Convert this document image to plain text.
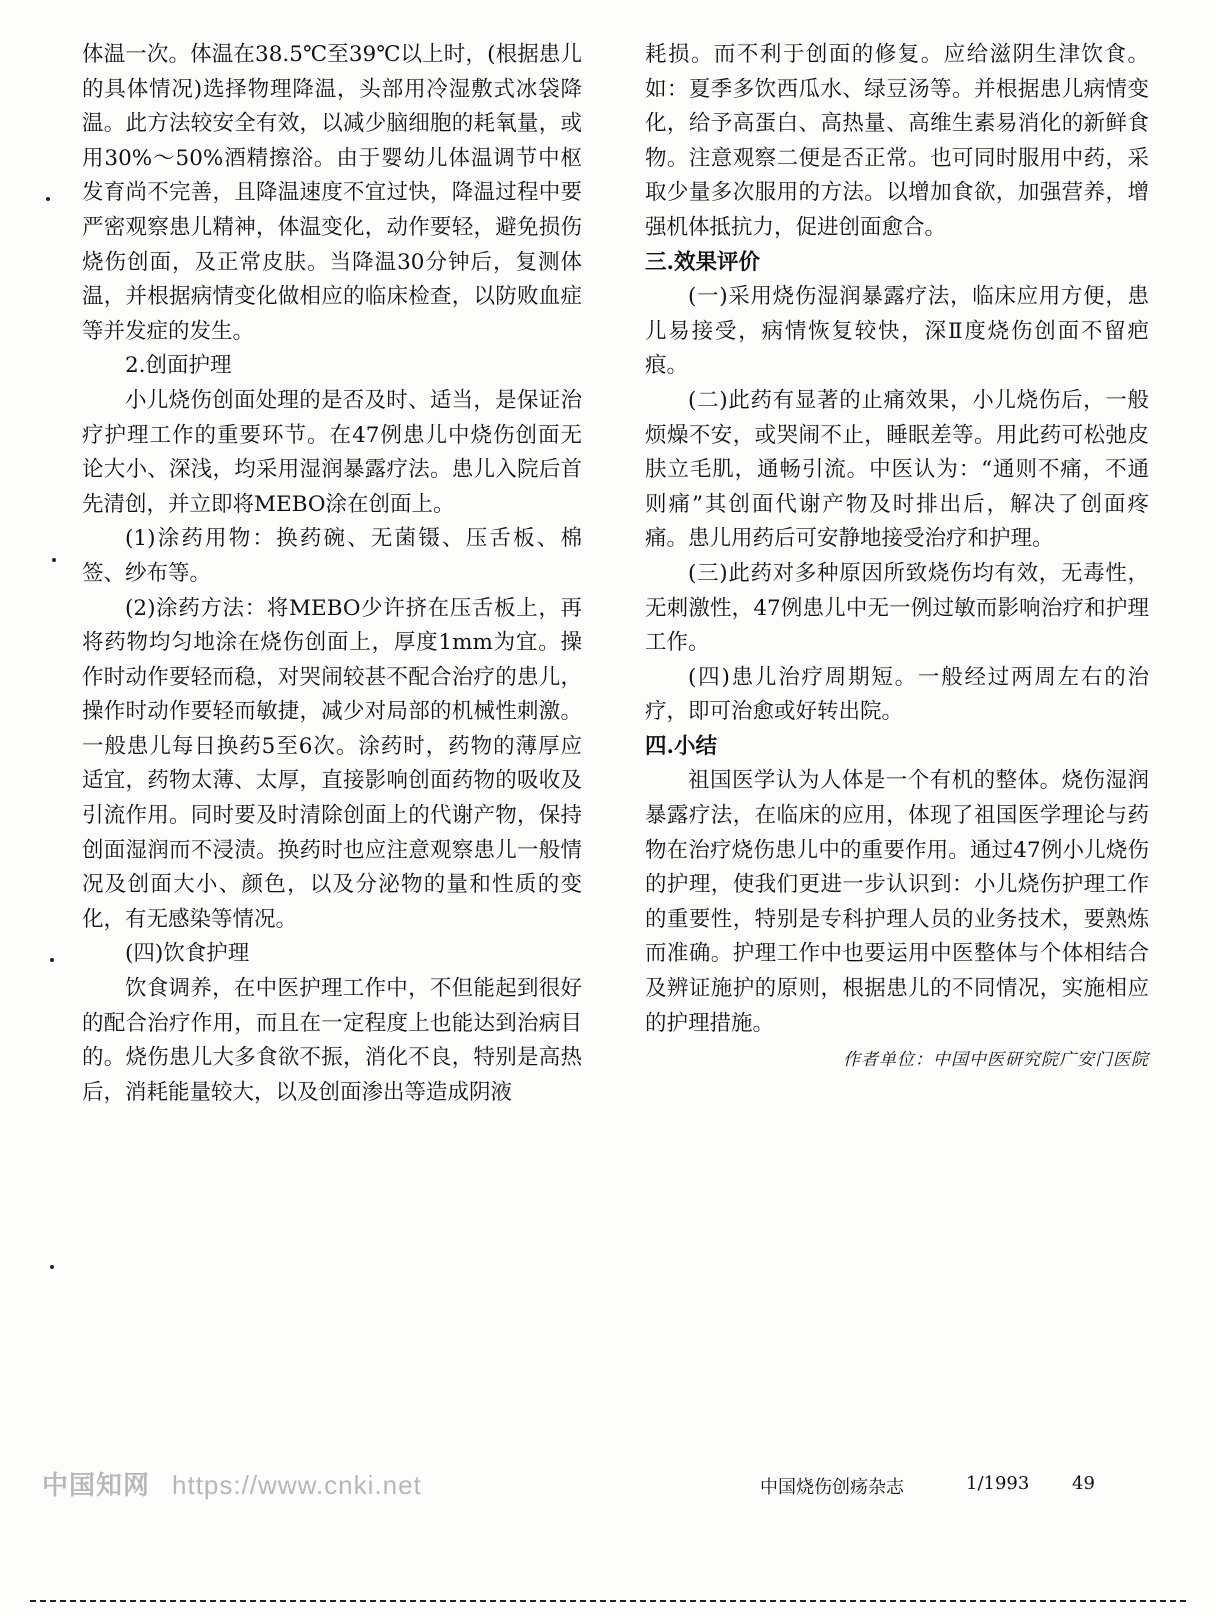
体温一次。体温在38.5℃至39℃以上时，(根据患儿的具体情况)选择物理降温，头部用冷湿敷式冰袋降温。此方法较安全有效，以减少脑细胞的耗氧量，或用30%～50%酒精擦浴。由于婴幼儿体温调节中枢发育尚不完善，且降温速度不宜过快，降温过程中要严密观察患儿精神，体温变化，动作要轻，避免损伤烧伤创面，及正常皮肤。当降温30分钟后，复测体温，并根据病情变化做相应的临床检查，以防败血症等并发症的发生。

2.创面护理

小儿烧伤创面处理的是否及时、适当，是保证治疗护理工作的重要环节。在47例患儿中烧伤创面无论大小、深浅，均采用湿润暴露疗法。患儿入院后首先清创，并立即将MEBO涂在创面上。

(1)涂药用物：换药碗、无菌镊、压舌板、棉签、纱布等。

(2)涂药方法：将MEBO少许挤在压舌板上，再将药物均匀地涂在烧伤创面上，厚度1mm为宜。操作时动作要轻而稳，对哭闹较甚不配合治疗的患儿，操作时动作要轻而敏捷，减少对局部的机械性刺激。一般患儿每日换药5至6次。涂药时，药物的薄厚应适宜，药物太薄、太厚，直接影响创面药物的吸收及引流作用。同时要及时清除创面上的代谢产物，保持创面湿润而不浸渍。换药时也应注意观察患儿一般情况及创面大小、颜色，以及分泌物的量和性质的变化，有无感染等情况。

(四)饮食护理

饮食调养，在中医护理工作中，不但能起到很好的配合治疗作用，而且在一定程度上也能达到治病目的。烧伤患儿大多食欲不振，消化不良，特别是高热后，消耗能量较大，以及创面渗出等造成阴液

耗损。而不利于创面的修复。应给滋阴生津饮食。如：夏季多饮西瓜水、绿豆汤等。并根据患儿病情变化，给予高蛋白、高热量、高维生素易消化的新鲜食物。注意观察二便是否正常。也可同时服用中药，采取少量多次服用的方法。以增加食欲，加强营养，增强机体抵抗力，促进创面愈合。

三.效果评价

(一)采用烧伤湿润暴露疗法，临床应用方便，患儿易接受，病情恢复较快，深Ⅱ度烧伤创面不留疤痕。

(二)此药有显著的止痛效果，小儿烧伤后，一般烦燥不安，或哭闹不止，睡眠差等。用此药可松弛皮肤立毛肌，通畅引流。中医认为：“通则不痛，不通则痛”其创面代谢产物及时排出后，解决了创面疼痛。患儿用药后可安静地接受治疗和护理。

(三)此药对多种原因所致烧伤均有效，无毒性，无刺激性，47例患儿中无一例过敏而影响治疗和护理工作。

(四)患儿治疗周期短。一般经过两周左右的治疗，即可治愈或好转出院。

四.小结

祖国医学认为人体是一个有机的整体。烧伤湿润暴露疗法，在临床的应用，体现了祖国医学理论与药物在治疗烧伤患儿中的重要作用。通过47例小儿烧伤的护理，使我们更进一步认识到：小儿烧伤护理工作的重要性，特别是专科护理人员的业务技术，要熟炼而准确。护理工作中也要运用中医整体与个体相结合及辨证施护的原则，根据患儿的不同情况，实施相应的护理措施。

作者单位：中国中医研究院广安门医院
中国知网 https://www.cnki.net	中国烧伤创疡杂志	1/1993 49
